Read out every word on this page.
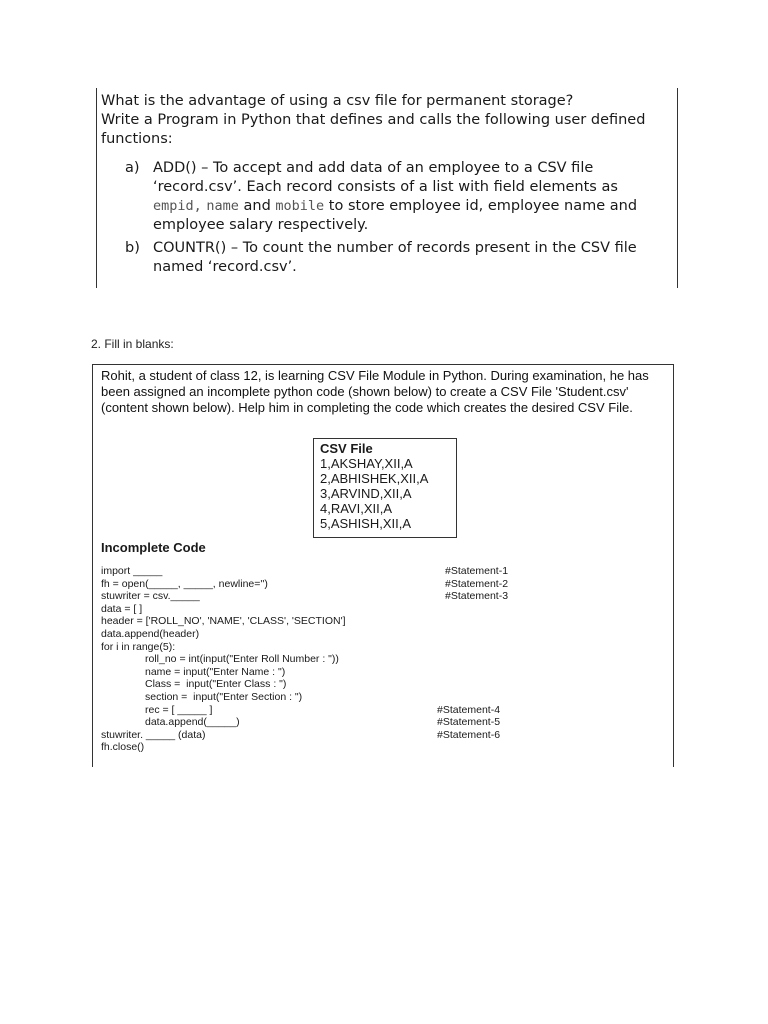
What is the advantage of using a csv file for permanent storage?

Write a Program in Python that defines and calls the following user defined

functions:

a) ADD() – To accept and add data of an employee to a CSV file

‘record.csv’. Each record consists of a list with field elements as

empid, name and mobile to store employee id, employee name and

employee salary respectively.

b) COUNTR() – To count the number of records present in the CSV file

named ‘record.csv’.

2. Fill in blanks:

Rohit, a student of class 12, is learning CSV File Module in Python. During examination, he has been assigned an incomplete python code (shown below) to create a CSV File 'Student.csv' (content shown below). Help him in completing the code which creates the desired CSV File.

CSV File

1,AKSHAY,XII,A

2,ABHISHEK,XII,A

3,ARVIND,XII,A

4,RAVI,XII,A

5,ASHISH,XII,A

Incomplete Code

import _____	#Statement-1
fh = open(_____, _____, newline='')	#Statement-2
stuwriter = csv._____	#Statement-3
data = [ ]
header = ['ROLL_NO', 'NAME', 'CLASS', 'SECTION']
data.append(header)
for i in range(5):
roll_no = int(input("Enter Roll Number : "))
name = input("Enter Name : ")
Class =  input("Enter Class : ")
section =  input("Enter Section : ")
rec = [ _____ ]	#Statement-4
data.append(_____)	#Statement-5
stuwriter. _____ (data)	#Statement-6
fh.close()
